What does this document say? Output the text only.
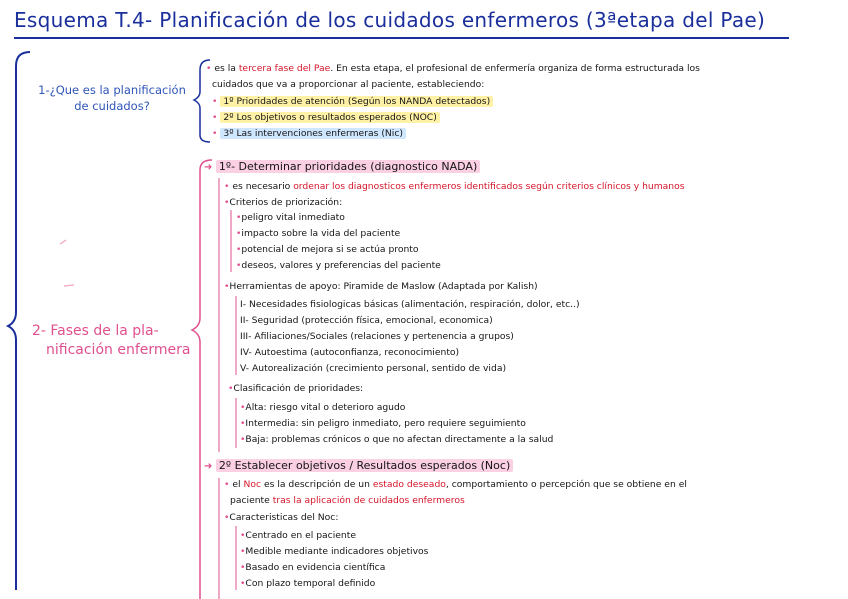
Esquema T.4- Planificación de los cuidados enfermeros (3ªetapa del Pae)
1-¿Que es la planificación
de cuidados?
• es la tercera fase del Pae. En esta etapa, el profesional de enfermería organiza de forma estructurada los
cuidados que va a proporcionar al paciente, estableciendo:
• 1º Prioridades de atención (Según los NANDA detectados)
• 2º Los objetivos o resultados esperados (NOC)
• 3º Las intervenciones enfermeras (Nic)
2- Fases de la pla-
nificación enfermera
➜ 1º- Determinar prioridades (diagnostico NADA)
• es necesario ordenar los diagnosticos enfermeros identificados según criterios clínicos y humanos
•Criterios de priorización:
•peligro vital inmediato
•impacto sobre la vida del paciente
•potencial de mejora si se actúa pronto
•deseos, valores y preferencias del paciente
•Herramientas de apoyo: Piramide de Maslow (Adaptada por Kalish)
I- Necesidades fisiologicas básicas (alimentación, respiración, dolor, etc..)
II- Seguridad (protección física, emocional, economica)
III- Afiliaciones/Sociales (relaciones y pertenencia a grupos)
IV- Autoestima (autoconfianza, reconocimiento)
V- Autorealización (crecimiento personal, sentido de vida)
•Clasificación de prioridades:
•Alta: riesgo vital o deterioro agudo
•Intermedia: sin peligro inmediato, pero requiere seguimiento
•Baja: problemas crónicos o que no afectan directamente a la salud
➜ 2º Establecer objetivos / Resultados esperados (Noc)
• el Noc es la descripción de un estado deseado, comportamiento o percepción que se obtiene en el
paciente tras la aplicación de cuidados enfermeros
•Caracteristicas del Noc:
•Centrado en el paciente
•Medible mediante indicadores objetivos
•Basado en evidencia científica
•Con plazo temporal definido
